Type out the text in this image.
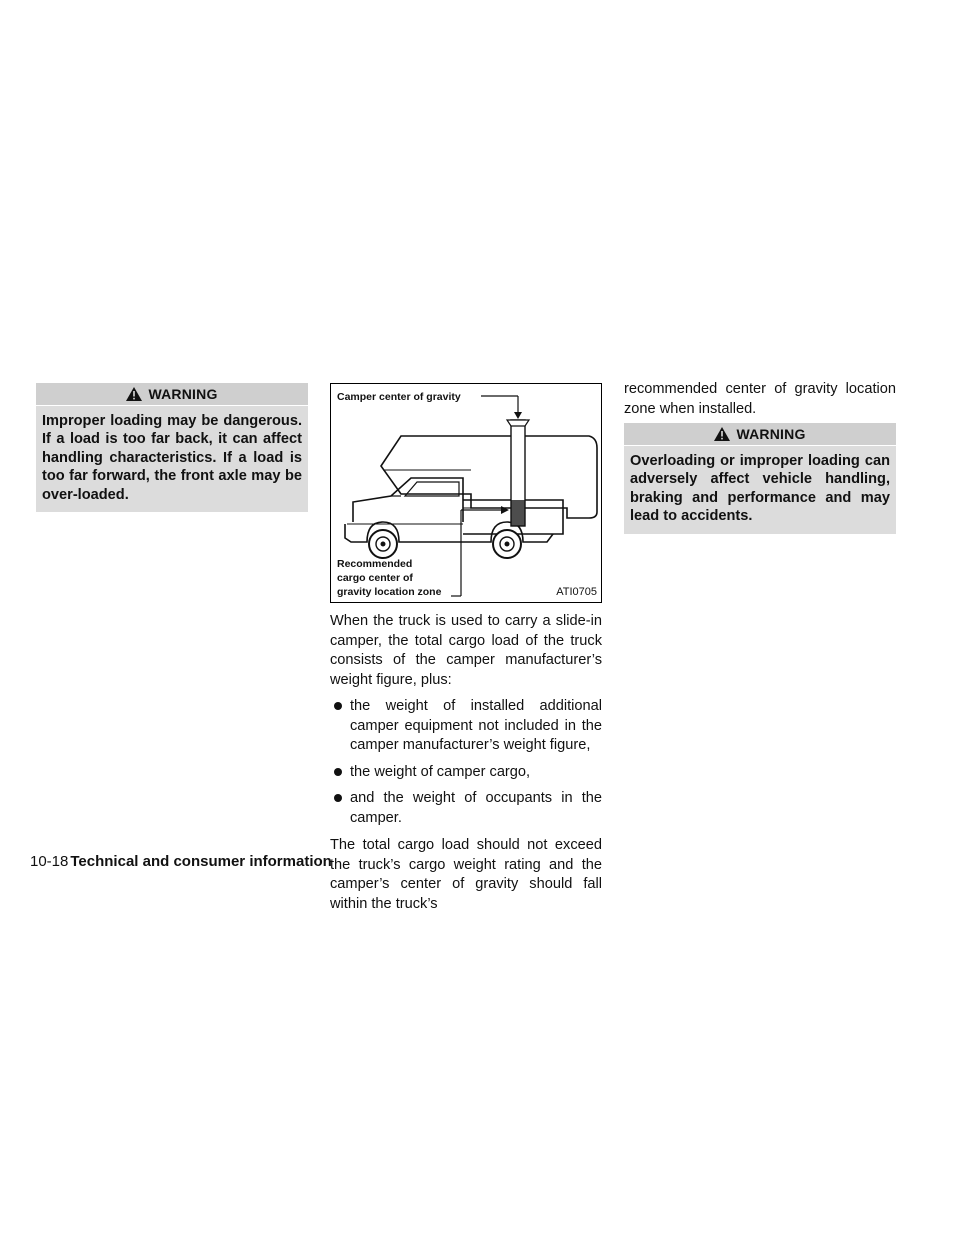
WARNING
Improper loading may be dangerous. If a load is too far back, it can affect handling characteristics. If a load is too far forward, the front axle may be over-loaded.
Camper center of gravity
Recommended
cargo center of
gravity location zone	ATI0705
When the truck is used to carry a slide-in camper, the total cargo load of the truck consists of the camper manufacturer’s weight figure, plus:
the weight of installed additional camper equipment not included in the camper manufacturer’s weight figure,
the weight of camper cargo,
and the weight of occupants in the camper.
The total cargo load should not exceed the truck’s cargo weight rating and the camper’s center of gravity should fall within the truck’s
recommended center of gravity location zone when installed.
WARNING
Overloading or improper loading can adversely affect vehicle handling, braking and performance and may lead to accidents.
10-18 Technical and consumer information
